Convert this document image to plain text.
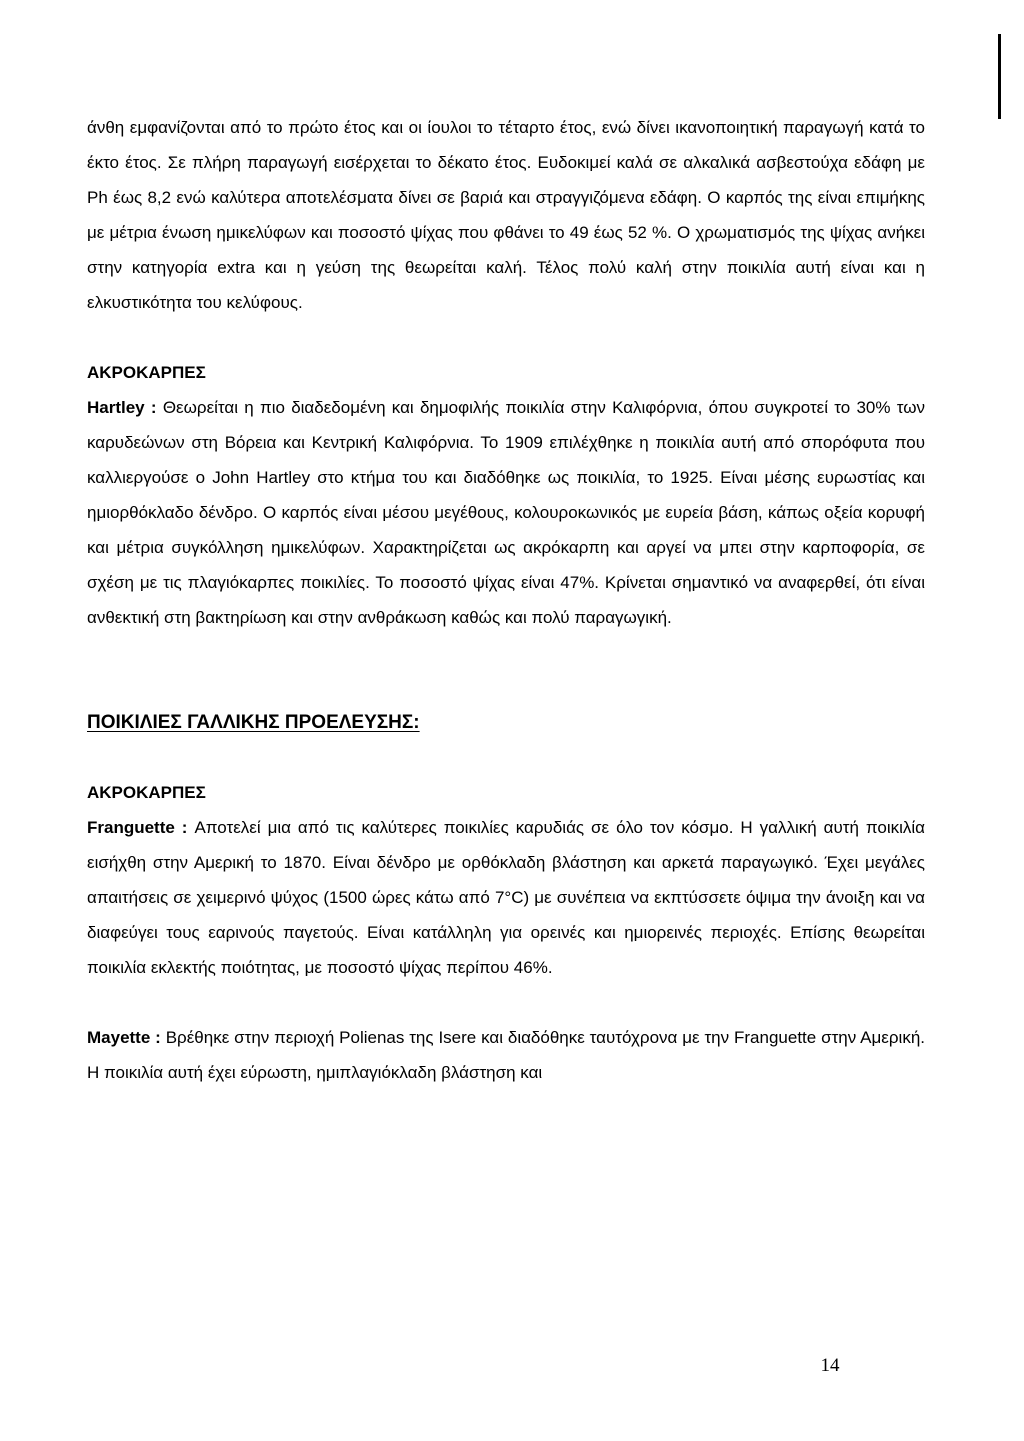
άνθη εμφανίζονται από το πρώτο έτος και οι ίουλοι το τέταρτο έτος, ενώ δίνει ικανοποιητική παραγωγή κατά το έκτο έτος. Σε πλήρη παραγωγή εισέρχεται το δέκατο έτος. Ευδοκιμεί καλά σε αλκαλικά ασβεστούχα εδάφη με Ph έως 8,2 ενώ καλύτερα αποτελέσματα δίνει σε βαριά και στραγγιζόμενα εδάφη. Ο καρπός της είναι επιμήκης με μέτρια ένωση ημικελύφων και ποσοστό ψίχας που φθάνει το 49 έως 52 %. Ο χρωματισμός της ψίχας ανήκει στην κατηγορία extra και η γεύση της θεωρείται καλή. Τέλος πολύ καλή στην ποικιλία αυτή είναι και η ελκυστικότητα του κελύφους.

ΑΚΡΟΚΑΡΠΕΣ

Hartley : Θεωρείται η πιο διαδεδομένη και δημοφιλής ποικιλία στην Καλιφόρνια, όπου συγκροτεί το 30% των καρυδεώνων στη Βόρεια και Κεντρική Καλιφόρνια. Το 1909 επιλέχθηκε η ποικιλία αυτή από σπορόφυτα που καλλιεργούσε ο John Hartley στο κτήμα του και διαδόθηκε ως ποικιλία, το 1925. Είναι μέσης ευρωστίας και ημιορθόκλαδο δένδρο. Ο καρπός είναι μέσου μεγέθους, κολουροκωνικός με ευρεία βάση, κάπως οξεία κορυφή και μέτρια συγκόλληση ημικελύφων. Χαρακτηρίζεται ως ακρόκαρπη και αργεί να μπει στην καρποφορία, σε σχέση με τις πλαγιόκαρπες ποικιλίες. Το ποσοστό ψίχας είναι 47%. Κρίνεται σημαντικό να αναφερθεί, ότι είναι ανθεκτική στη βακτηρίωση και στην ανθράκωση καθώς και πολύ παραγωγική.

ΠΟΙΚΙΛΙΕΣ ΓΑΛΛΙΚΗΣ ΠΡΟΕΛΕΥΣΗΣ:

ΑΚΡΟΚΑΡΠΕΣ

Franguette : Αποτελεί μια από τις καλύτερες ποικιλίες καρυδιάς σε όλο τον κόσμο. Η γαλλική αυτή ποικιλία εισήχθη στην Αμερική το 1870. Είναι δένδρο με ορθόκλαδη βλάστηση και αρκετά παραγωγικό. Έχει μεγάλες απαιτήσεις σε χειμερινό ψύχος (1500 ώρες κάτω από 7°C) με συνέπεια να εκπτύσσετε όψιμα την άνοιξη και να διαφεύγει τους εαρινούς παγετούς. Είναι κατάλληλη για ορεινές και ημιορεινές περιοχές. Επίσης θεωρείται ποικιλία εκλεκτής ποιότητας, με ποσοστό ψίχας περίπου 46%.

Mayette : Βρέθηκε στην περιοχή Polienas της Isere και διαδόθηκε ταυτόχρονα με την Franguette στην Αμερική. Η ποικιλία αυτή έχει εύρωστη, ημιπλαγιόκλαδη βλάστηση και

14
